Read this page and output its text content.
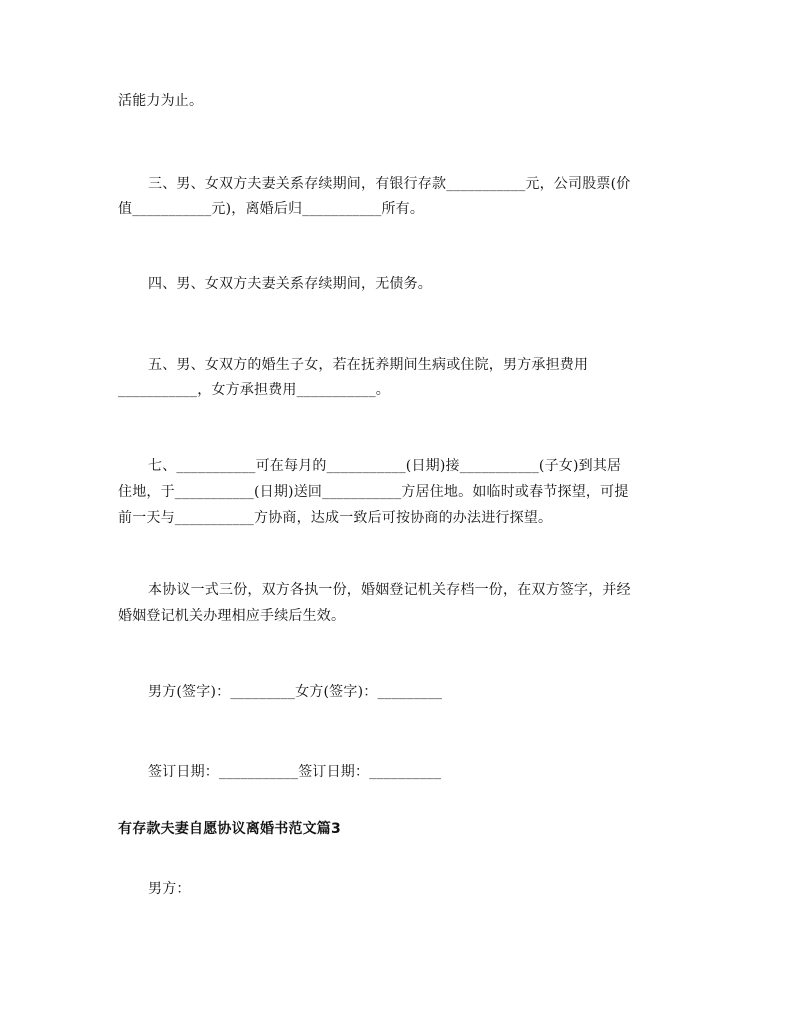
活能力为止。
三、男、女双方夫妻关系存续期间，有银行存款___________元，公司股票(价
值___________元)，离婚后归___________所有。
四、男、女双方夫妻关系存续期间，无债务。
五、男、女双方的婚生子女，若在抚养期间生病或住院，男方承担费用
___________，女方承担费用___________。
七、___________可在每月的___________(日期)接___________(子女)到其居
住地，于___________(日期)送回___________方居住地。如临时或春节探望，可提
前一天与___________方协商，达成一致后可按协商的办法进行探望。
本协议一式三份，双方各执一份，婚姻登记机关存档一份，在双方签字，并经
婚姻登记机关办理相应手续后生效。
男方(签字)：_________女方(签字)：_________
签订日期：___________签订日期：__________
有存款夫妻自愿协议离婚书范文篇3
男方：
